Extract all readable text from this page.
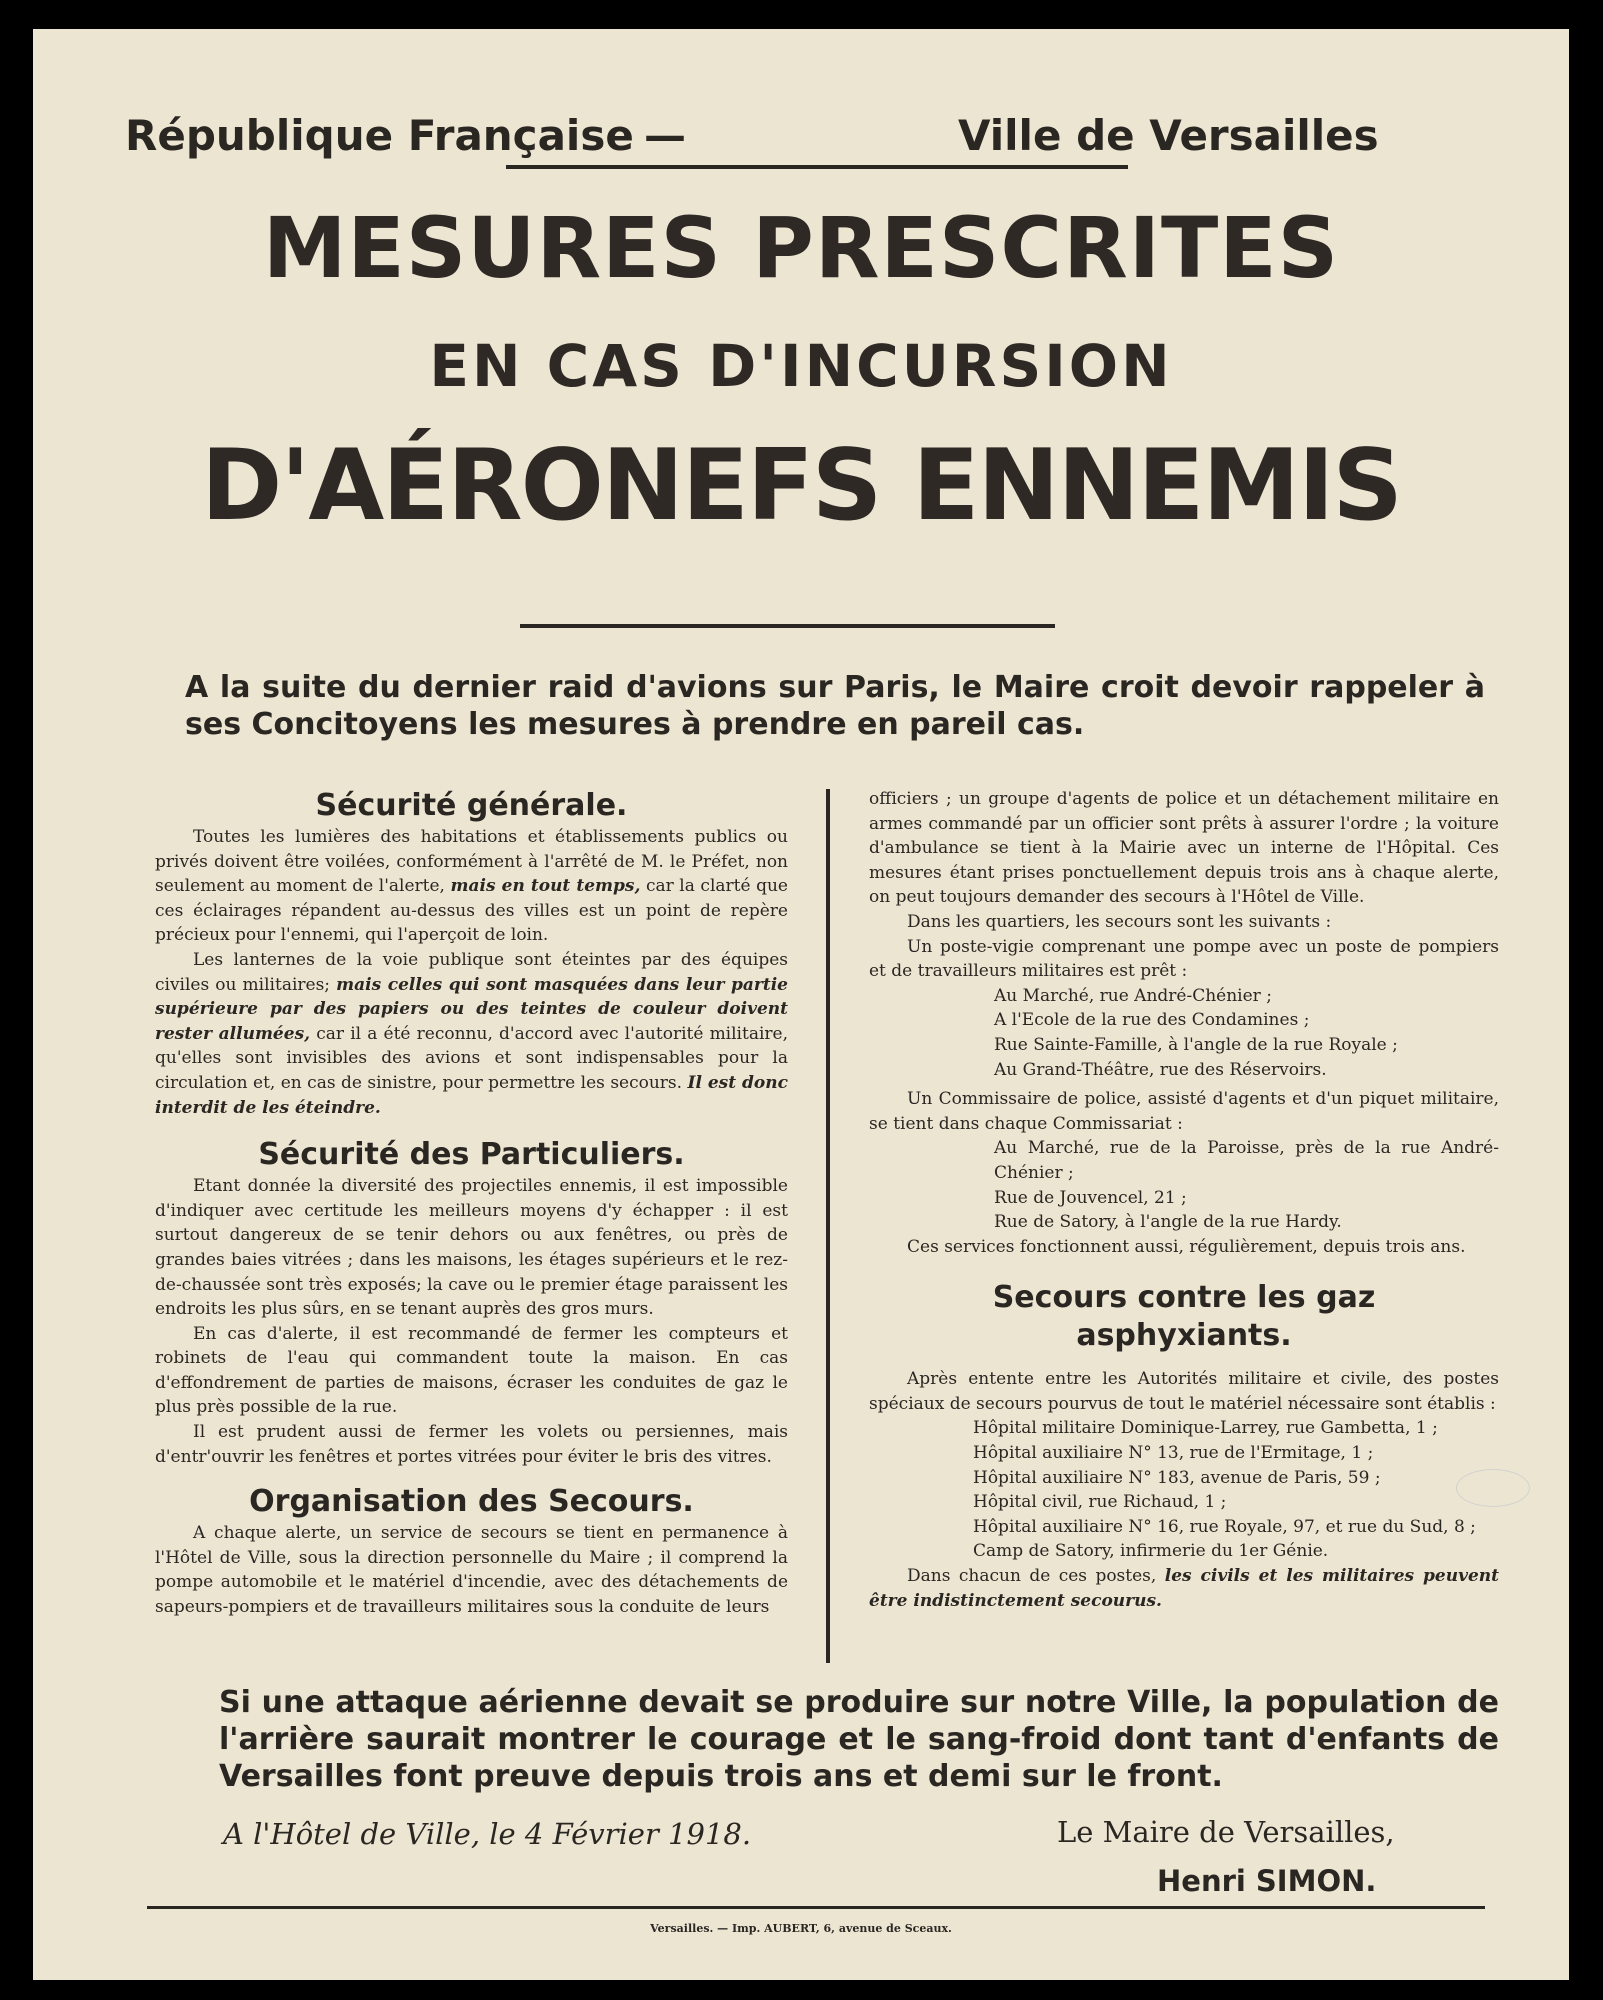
République Française —	Ville de Versailles
MESURES PRESCRITES
EN CAS D'INCURSION
D'AÉRONEFS ENNEMIS
A la suite du dernier raid d'avions sur Paris, le Maire croit devoir rappeler à ses Concitoyens les mesures à prendre en pareil cas.
Sécurité générale.

Toutes les lumières des habitations et établissements publics ou privés doivent être voilées, conformément à l'arrêté de M. le Préfet, non seulement au moment de l'alerte, mais en tout temps, car la clarté que ces éclairages répandent au-dessus des villes est un point de repère précieux pour l'ennemi, qui l'aperçoit de loin.

Les lanternes de la voie publique sont éteintes par des équipes civiles ou militaires; mais celles qui sont masquées dans leur partie supérieure par des papiers ou des teintes de couleur doivent rester allumées, car il a été reconnu, d'accord avec l'autorité militaire, qu'elles sont invisibles des avions et sont indispensables pour la circulation et, en cas de sinistre, pour permettre les secours. Il est donc interdit de les éteindre.

Sécurité des Particuliers.

Etant donnée la diversité des projectiles ennemis, il est impossible d'indiquer avec certitude les meilleurs moyens d'y échapper : il est surtout dangereux de se tenir dehors ou aux fenêtres, ou près de grandes baies vitrées ; dans les maisons, les étages supérieurs et le rez-de-chaussée sont très exposés; la cave ou le premier étage paraissent les endroits les plus sûrs, en se tenant auprès des gros murs.

En cas d'alerte, il est recommandé de fermer les compteurs et robinets de l'eau qui commandent toute la maison. En cas d'effondrement de parties de maisons, écraser les conduites de gaz le plus près possible de la rue.

Il est prudent aussi de fermer les volets ou persiennes, mais d'entr'ouvrir les fenêtres et portes vitrées pour éviter le bris des vitres.

Organisation des Secours.

A chaque alerte, un service de secours se tient en permanence à l'Hôtel de Ville, sous la direction personnelle du Maire ; il comprend la pompe automobile et le matériel d'incendie, avec des détachements de sapeurs-pompiers et de travailleurs militaires sous la conduite de leurs

officiers ; un groupe d'agents de police et un détachement militaire en armes commandé par un officier sont prêts à assurer l'ordre ; la voiture d'ambulance se tient à la Mairie avec un interne de l'Hôpital. Ces mesures étant prises ponctuellement depuis trois ans à chaque alerte, on peut toujours demander des secours à l'Hôtel de Ville.

Dans les quartiers, les secours sont les suivants :

Un poste-vigie comprenant une pompe avec un poste de pompiers et de travailleurs militaires est prêt :

Au Marché, rue André-Chénier ;

A l'Ecole de la rue des Condamines ;

Rue Sainte-Famille, à l'angle de la rue Royale ;

Au Grand-Théâtre, rue des Réservoirs.

Un Commissaire de police, assisté d'agents et d'un piquet militaire, se tient dans chaque Commissariat :

Au Marché, rue de la Paroisse, près de la rue André-Chénier ;

Rue de Jouvencel, 21 ;

Rue de Satory, à l'angle de la rue Hardy.

Ces services fonctionnent aussi, régulièrement, depuis trois ans.

Secours contre les gaz
asphyxiants.

Après entente entre les Autorités militaire et civile, des postes spéciaux de secours pourvus de tout le matériel nécessaire sont établis :

Hôpital militaire Dominique-Larrey, rue Gambetta, 1 ;

Hôpital auxiliaire N° 13, rue de l'Ermitage, 1 ;

Hôpital auxiliaire N° 183, avenue de Paris, 59 ;

Hôpital civil, rue Richaud, 1 ;

Hôpital auxiliaire N° 16, rue Royale, 97, et rue du Sud, 8 ;

Camp de Satory, infirmerie du 1er Génie.

Dans chacun de ces postes, les civils et les militaires peuvent être indistinctement secourus.

Si une attaque aérienne devait se produire sur notre Ville, la population de l'arrière saurait montrer le courage et le sang-froid dont tant d'enfants de Versailles font preuve depuis trois ans et demi sur le front.
A l'Hôtel de Ville, le 4 Février 1918.	Le Maire de Versailles,
Henri SIMON.
Versailles. — Imp. AUBERT, 6, avenue de Sceaux.
